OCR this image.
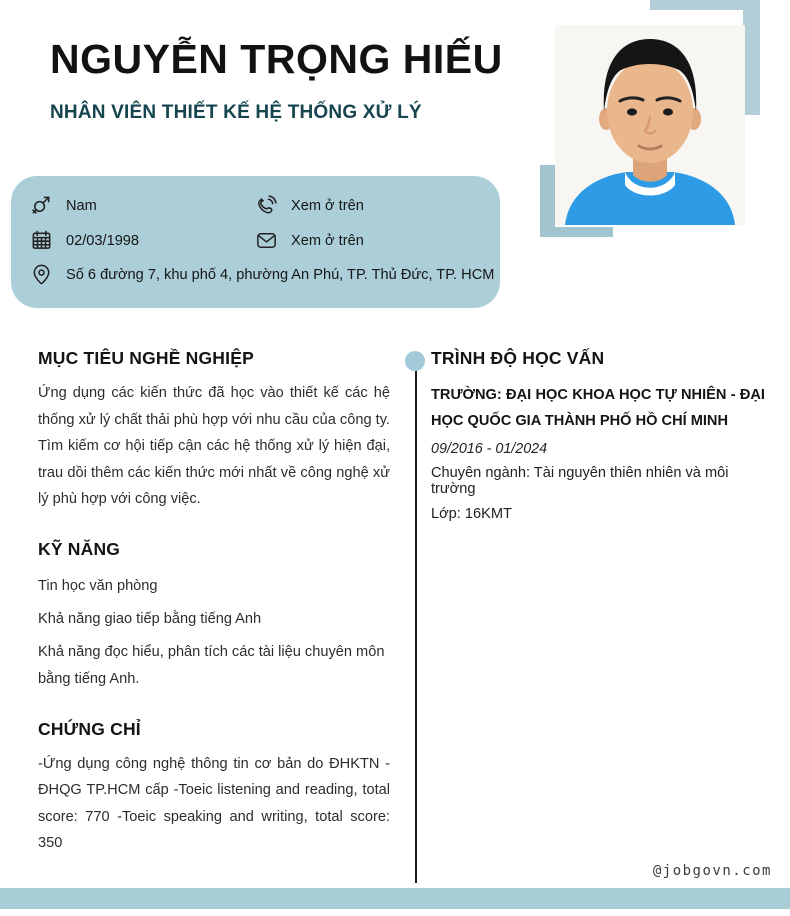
NGUYỄN TRỌNG HIẾU
NHÂN VIÊN THIẾT KẾ HỆ THỐNG XỬ LÝ
Nam	Xem ở trên
02/03/1998	Xem ở trên
Số 6 đường 7, khu phố 4, phường An Phú, TP. Thủ Đức, TP. HCM
MỤC TIÊU NGHỀ NGHIỆP

Ứng dụng các kiến thức đã học vào thiết kế các hệ thống xử lý chất thải phù hợp với nhu cầu của công ty. Tìm kiếm cơ hội tiếp cận các hệ thống xử lý hiện đại, trau dồi thêm các kiến thức mới nhất về công nghệ xử lý phù hợp với công việc.

KỸ NĂNG
Tin học văn phòng
Khả năng giao tiếp bằng tiếng Anh
Khả năng đọc hiểu, phân tích các tài liệu chuyên môn bằng tiếng Anh.
CHỨNG CHỈ

-Ứng dụng công nghệ thông tin cơ bản do ĐHKTN - ĐHQG TP.HCM cấp -Toeic listening and reading, total score: 770 -Toeic speaking and writing, total score: 350

TRÌNH ĐỘ HỌC VẤN

TRƯỜNG: ĐẠI HỌC KHOA HỌC TỰ NHIÊN - ĐẠI HỌC QUỐC GIA THÀNH PHỐ HỒ CHÍ MINH

09/2016 - 01/2024

Chuyên ngành: Tài nguyên thiên nhiên và môi trường

Lớp: 16KMT

@jobgovn.com
